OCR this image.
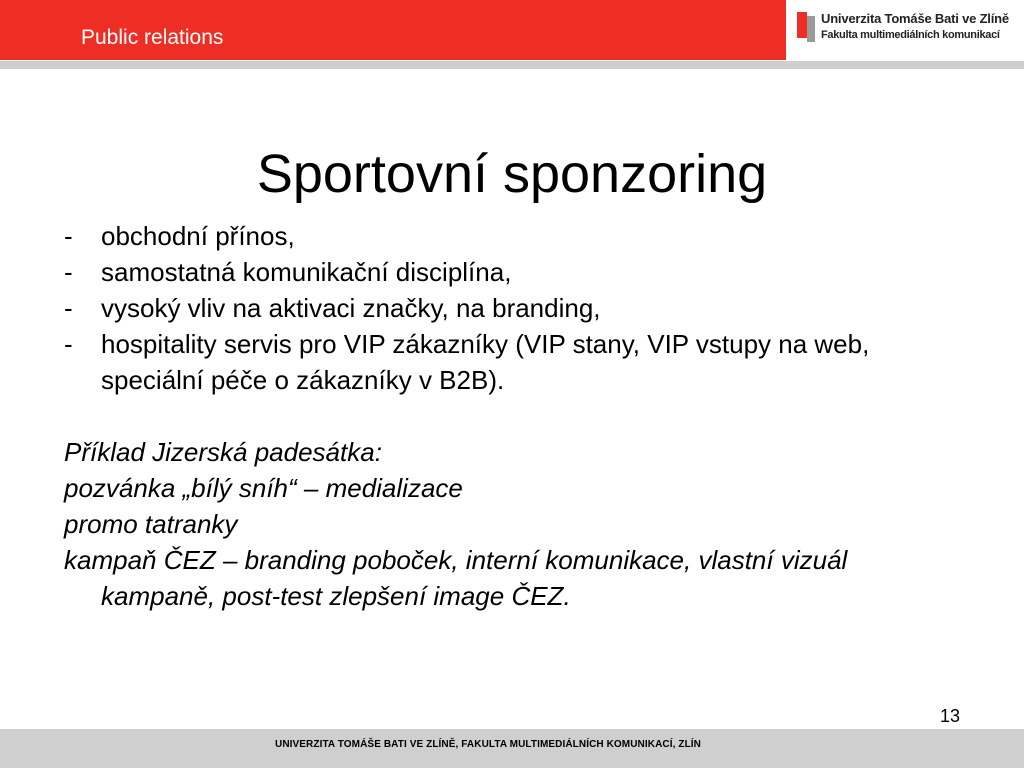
Public relations
Univerzita Tomáše Bati ve Zlíně
Fakulta multimediálních komunikací
Sportovní sponzoring
- obchodní přínos,
- samostatná komunikační disciplína,
- vysoký vliv na aktivaci značky, na branding,
- hospitality servis pro VIP zákazníky (VIP stany, VIP vstupy na web, speciální péče o zákazníky v B2B).
Příklad Jizerská padesátka:
pozvánka „bílý sníh“ – medializace
promo tatranky
kampaň ČEZ – branding poboček, interní komunikace, vlastní vizuál kampaně, post-test zlepšení image ČEZ.
13
UNIVERZITA TOMÁŠE BATI VE ZLÍNĚ, FAKULTA MULTIMEDIÁLNÍCH KOMUNIKACÍ, ZLÍN
